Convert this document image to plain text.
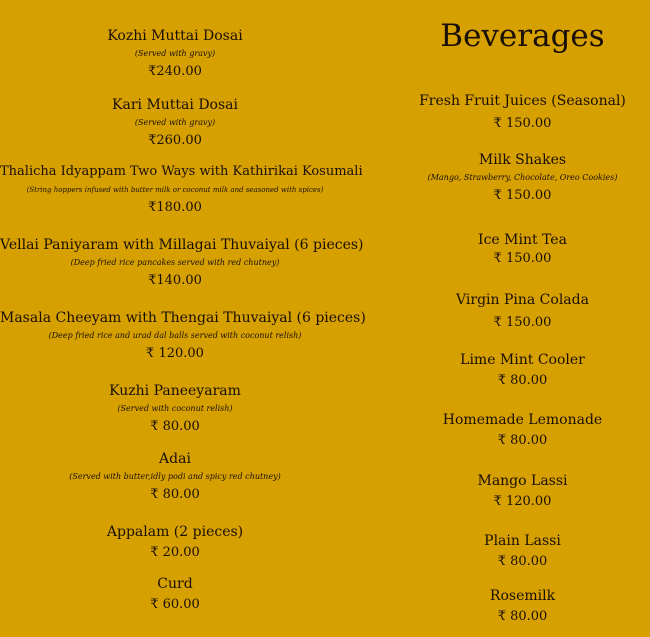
Kozhi Muttai Dosai
(Served with gravy)
₹240.00
Kari Muttai Dosai
(Served with gravy)
₹260.00
Thalicha Idyappam Two Ways with Kathirikai Kosumali
(String hoppers infused with butter milk or coconut milk and seasoned with spices)
₹180.00
Vellai Paniyaram with Millagai Thuvaiyal (6 pieces)
(Deep fried rice pancakes served with red chutney)
₹140.00
Masala Cheeyam with Thengai Thuvaiyal (6 pieces)
(Deep fried rice and urad dal balls served with coconut relish)
₹ 120.00
Kuzhi Paneeyaram
(Served with coconut relish)
₹ 80.00
Adai
(Served with butter,idly podi and spicy red chutney)
₹ 80.00
Appalam (2 pieces)
₹ 20.00
Curd
₹ 60.00
Beverages
Fresh Fruit Juices (Seasonal)
₹ 150.00
Milk Shakes
(Mango, Strawberry, Chocolate, Oreo Cookies)
₹ 150.00
Ice Mint Tea
₹ 150.00
Virgin Pina Colada
₹ 150.00
Lime Mint Cooler
₹ 80.00
Homemade Lemonade
₹ 80.00
Mango Lassi
₹ 120.00
Plain Lassi
₹ 80.00
Rosemilk
₹ 80.00
